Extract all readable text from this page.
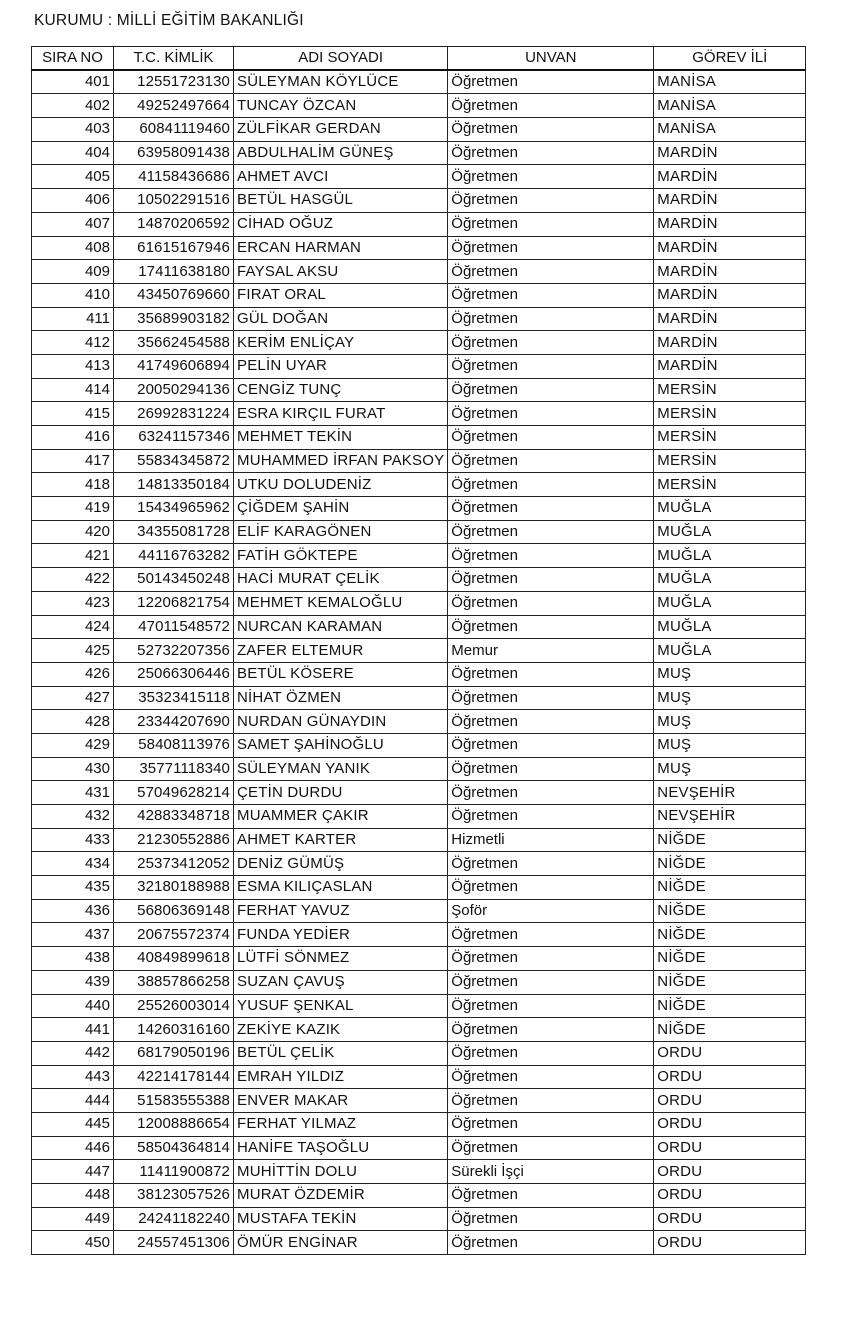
KURUMU : MİLLİ EĞİTİM BAKANLIĞI
SIRA NO	T.C. KİMLİK	ADI SOYADI	UNVAN	GÖREV İLİ
401	12551723130	SÜLEYMAN KÖYLÜCE	Öğretmen	MANİSA
402	49252497664	TUNCAY ÖZCAN	Öğretmen	MANİSA
403	60841119460	ZÜLFİKAR GERDAN	Öğretmen	MANİSA
404	63958091438	ABDULHALİM GÜNEŞ	Öğretmen	MARDİN
405	41158436686	AHMET AVCI	Öğretmen	MARDİN
406	10502291516	BETÜL HASGÜL	Öğretmen	MARDİN
407	14870206592	CİHAD OĞUZ	Öğretmen	MARDİN
408	61615167946	ERCAN HARMAN	Öğretmen	MARDİN
409	17411638180	FAYSAL AKSU	Öğretmen	MARDİN
410	43450769660	FIRAT ORAL	Öğretmen	MARDİN
411	35689903182	GÜL DOĞAN	Öğretmen	MARDİN
412	35662454588	KERİM ENLİÇAY	Öğretmen	MARDİN
413	41749606894	PELİN UYAR	Öğretmen	MARDİN
414	20050294136	CENGİZ TUNÇ	Öğretmen	MERSİN
415	26992831224	ESRA KIRÇIL FURAT	Öğretmen	MERSİN
416	63241157346	MEHMET TEKİN	Öğretmen	MERSİN
417	55834345872	MUHAMMED İRFAN PAKSOY	Öğretmen	MERSİN
418	14813350184	UTKU DOLUDENİZ	Öğretmen	MERSİN
419	15434965962	ÇİĞDEM ŞAHİN	Öğretmen	MUĞLA
420	34355081728	ELİF KARAGÖNEN	Öğretmen	MUĞLA
421	44116763282	FATİH GÖKTEPE	Öğretmen	MUĞLA
422	50143450248	HACİ MURAT ÇELİK	Öğretmen	MUĞLA
423	12206821754	MEHMET KEMALOĞLU	Öğretmen	MUĞLA
424	47011548572	NURCAN KARAMAN	Öğretmen	MUĞLA
425	52732207356	ZAFER ELTEMUR	Memur	MUĞLA
426	25066306446	BETÜL KÖSERE	Öğretmen	MUŞ
427	35323415118	NİHAT ÖZMEN	Öğretmen	MUŞ
428	23344207690	NURDAN GÜNAYDIN	Öğretmen	MUŞ
429	58408113976	SAMET ŞAHİNOĞLU	Öğretmen	MUŞ
430	35771118340	SÜLEYMAN YANIK	Öğretmen	MUŞ
431	57049628214	ÇETİN DURDU	Öğretmen	NEVŞEHİR
432	42883348718	MUAMMER ÇAKIR	Öğretmen	NEVŞEHİR
433	21230552886	AHMET KARTER	Hizmetli	NİĞDE
434	25373412052	DENİZ GÜMÜŞ	Öğretmen	NİĞDE
435	32180188988	ESMA KILIÇASLAN	Öğretmen	NİĞDE
436	56806369148	FERHAT YAVUZ	Şoför	NİĞDE
437	20675572374	FUNDA YEDİER	Öğretmen	NİĞDE
438	40849899618	LÜTFİ SÖNMEZ	Öğretmen	NİĞDE
439	38857866258	SUZAN ÇAVUŞ	Öğretmen	NİĞDE
440	25526003014	YUSUF ŞENKAL	Öğretmen	NİĞDE
441	14260316160	ZEKİYE KAZIK	Öğretmen	NİĞDE
442	68179050196	BETÜL ÇELİK	Öğretmen	ORDU
443	42214178144	EMRAH YILDIZ	Öğretmen	ORDU
444	51583555388	ENVER MAKAR	Öğretmen	ORDU
445	12008886654	FERHAT YILMAZ	Öğretmen	ORDU
446	58504364814	HANİFE TAŞOĞLU	Öğretmen	ORDU
447	11411900872	MUHİTTİN DOLU	Sürekli İşçi	ORDU
448	38123057526	MURAT ÖZDEMİR	Öğretmen	ORDU
449	24241182240	MUSTAFA TEKİN	Öğretmen	ORDU
450	24557451306	ÖMÜR ENGİNAR	Öğretmen	ORDU
